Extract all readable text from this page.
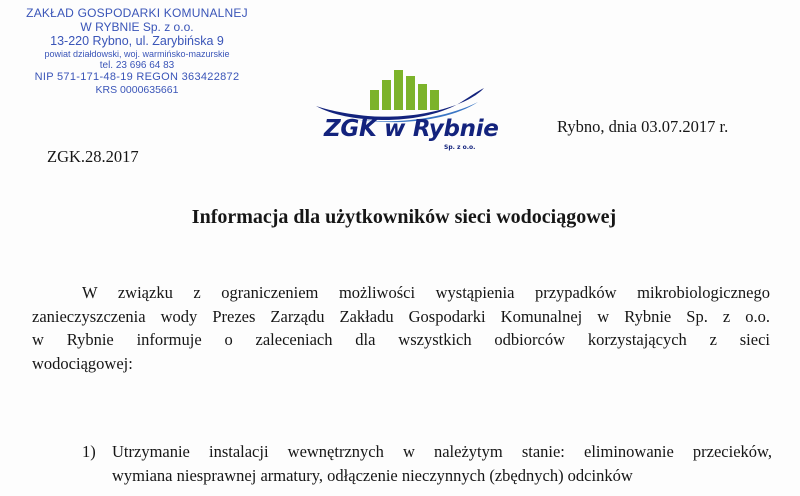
ZAKŁAD GOSPODARKI KOMUNALNEJ
W RYBNIE Sp. z o.o.
13-220 Rybno, ul. Zarybińska 9
powiat działdowski, woj. warmińsko-mazurskie
tel. 23 696 64 83
NIP 571-171-48-19 REGON 363422872
KRS 0000635661
ZGK w Rybnie
Sp. z o.o.
Rybno, dnia 03.07.2017 r.
ZGK.28.2017
Informacja dla użytkowników sieci wodociągowej
W związku z ograniczeniem możliwości wystąpienia przypadków mikrobiologicznego
zanieczyszczenia wody Prezes Zarządu Zakładu Gospodarki Komunalnej w Rybnie Sp. z o.o.
w Rybnie informuje o zaleceniach dla wszystkich odbiorców korzystających z sieci
wodociągowej:
1) Utrzymanie instalacji wewnętrznych w należytym stanie: eliminowanie przecieków,
wymiana niesprawnej armatury, odłączenie nieczynnych (zbędnych) odcinków
